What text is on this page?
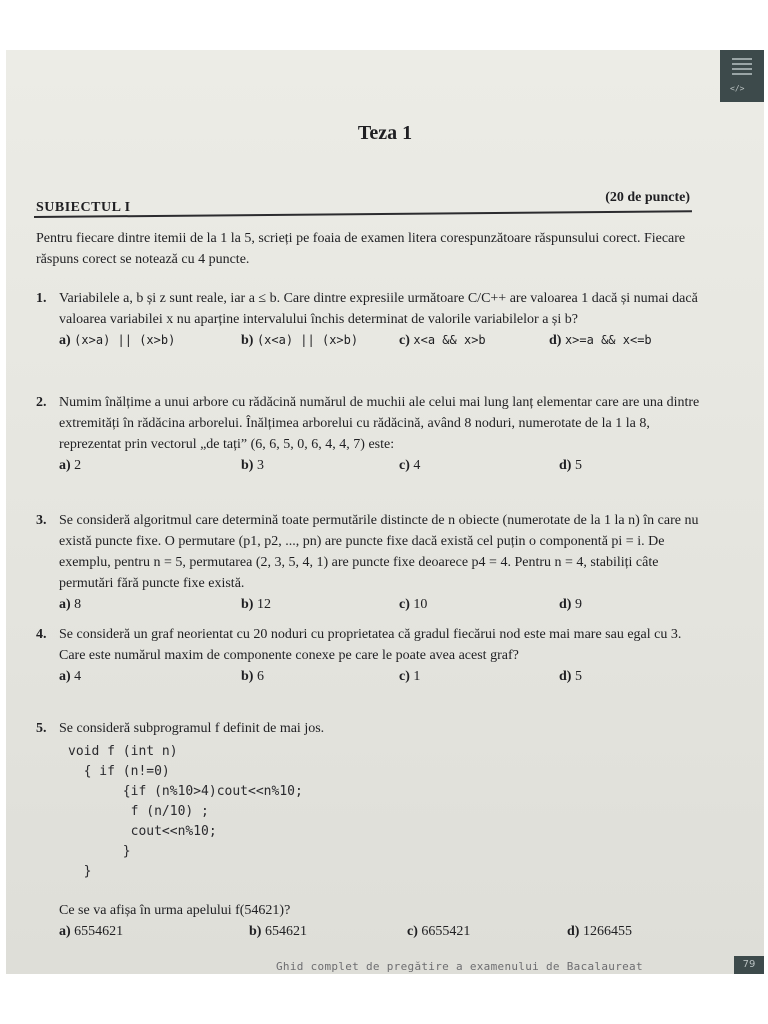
</>
Teza 1
SUBIECTUL I
(20 de puncte)
Pentru fiecare dintre itemii de la 1 la 5, scrieți pe foaia de examen litera corespunzătoare răspunsului corect. Fiecare răspuns corect se notează cu 4 puncte.
1. Variabilele a, b și z sunt reale, iar a ≤ b. Care dintre expresiile următoare C/C++ are valoarea 1 dacă și numai dacă valoarea variabilei x nu aparține intervalului închis determinat de valorile variabilelor a și b?
a) (x>a) || (x>b)	b) (x<a) || (x>b)	c) x<a && x>b	d) x>=a && x<=b
2. Numim înălțime a unui arbore cu rădăcină numărul de muchii ale celui mai lung lanț elementar care are una dintre extremități în rădăcina arborelui. Înălțimea arborelui cu rădăcină, având 8 noduri, numerotate de la 1 la 8, reprezentat prin vectorul „de tați” (6, 6, 5, 0, 6, 4, 4, 7) este:
a) 2	b) 3	c) 4	d) 5
3. Se consideră algoritmul care determină toate permutările distincte de n obiecte (numerotate de la 1 la n) în care nu există puncte fixe. O permutare (p1, p2, ..., pn) are puncte fixe dacă există cel puțin o componentă pi = i. De exemplu, pentru n = 5, permutarea (2, 3, 5, 4, 1) are puncte fixe deoarece p4 = 4. Pentru n = 4, stabiliți câte permutări fără puncte fixe există.
a) 8	b) 12	c) 10	d) 9
4. Se consideră un graf neorientat cu 20 noduri cu proprietatea că gradul fiecărui nod este mai mare sau egal cu 3. Care este numărul maxim de componente conexe pe care le poate avea acest graf?
a) 4	b) 6	c) 1	d) 5
5. Se consideră subprogramul f definit de mai jos.
void f (int n)
{ if (n!=0)
{if (n%10>4)cout<<n%10;
f (n/10) ;
cout<<n%10;
}
}
Ce se va afișa în urma apelului f(54621)?
a) 6554621	b) 654621	c) 6655421	d) 1266455
Ghid complet de pregătire a examenului de Bacalaureat	79
